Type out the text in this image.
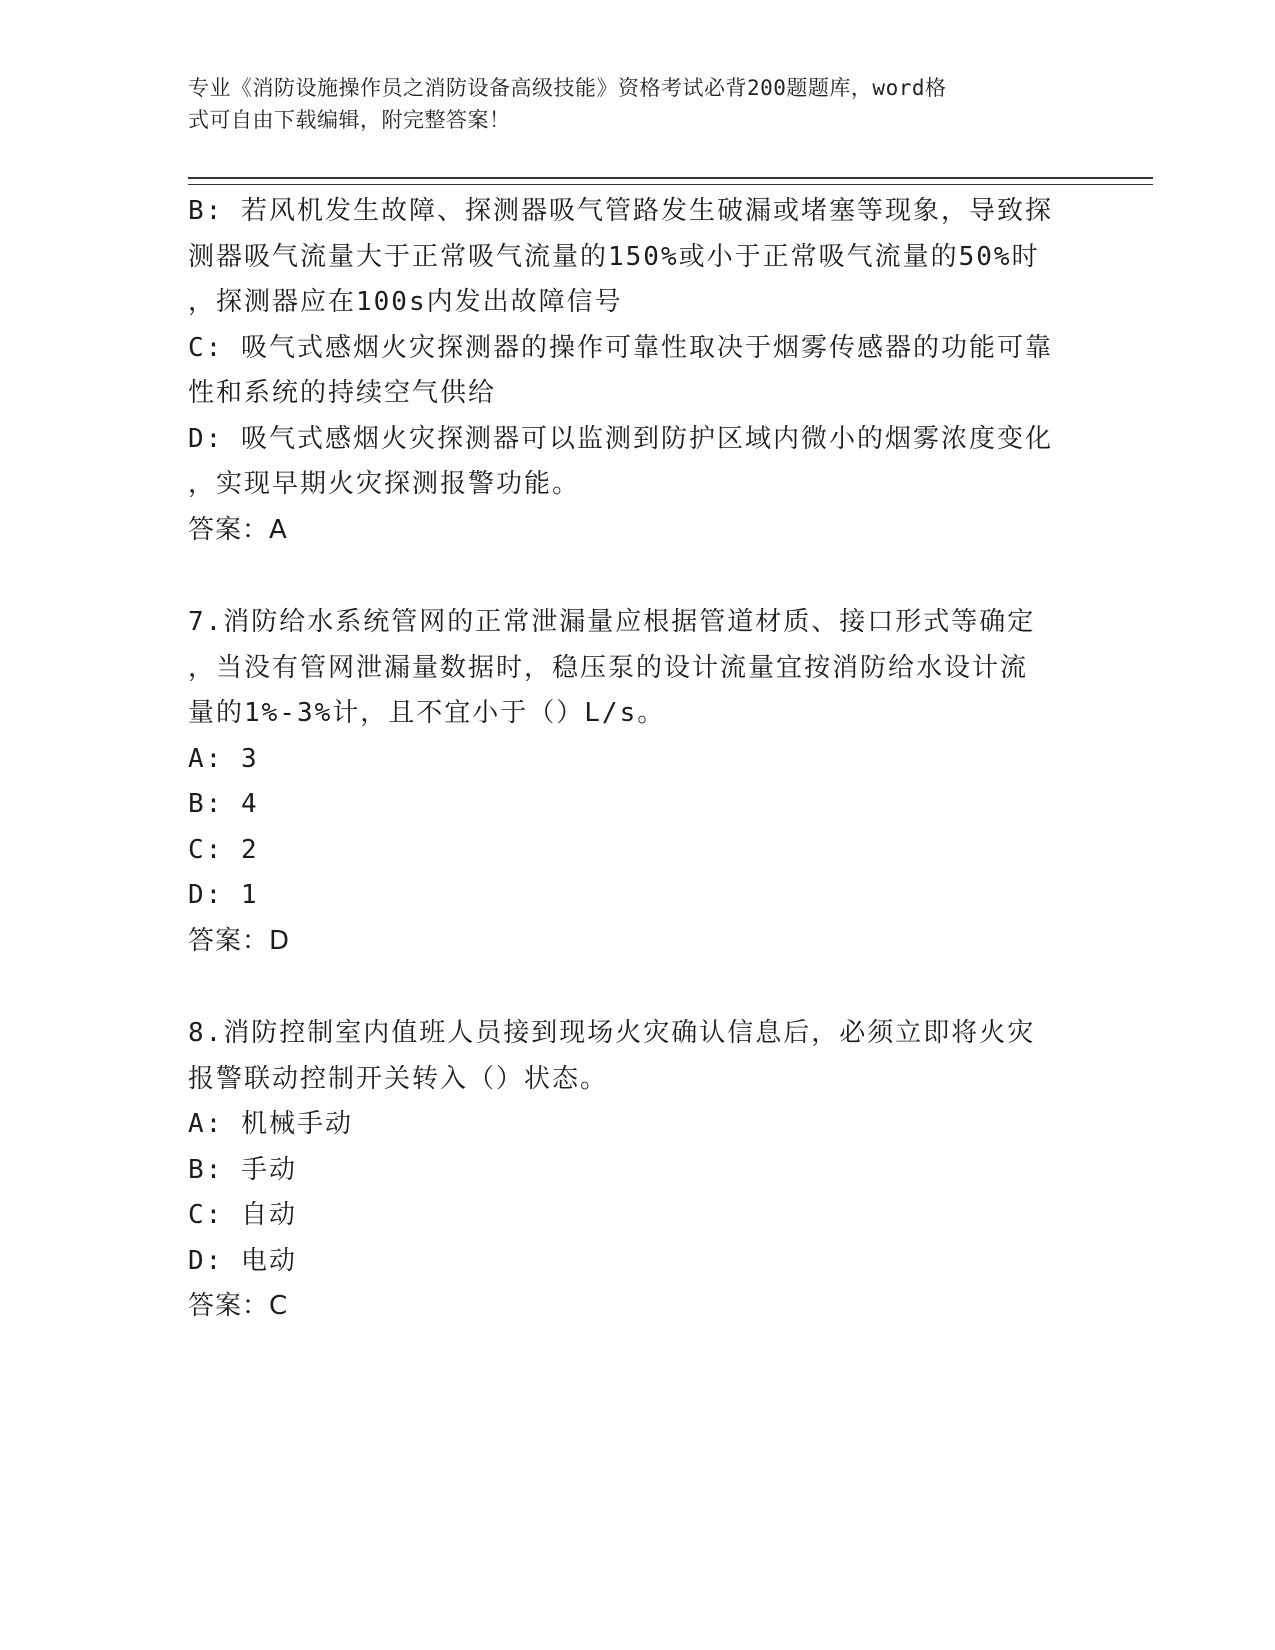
专业《消防设施操作员之消防设备高级技能》资格考试必背200题题库，word格
式可自由下载编辑，附完整答案！
B: 若风机发生故障、探测器吸气管路发生破漏或堵塞等现象，导致探
测器吸气流量大于正常吸气流量的150%或小于正常吸气流量的50%时
，探测器应在100s内发出故障信号
C: 吸气式感烟火灾探测器的操作可靠性取决于烟雾传感器的功能可靠
性和系统的持续空气供给
D: 吸气式感烟火灾探测器可以监测到防护区域内微小的烟雾浓度变化
，实现早期火灾探测报警功能。
答案：A
7.消防给水系统管网的正常泄漏量应根据管道材质、接口形式等确定
，当没有管网泄漏量数据时，稳压泵的设计流量宜按消防给水设计流
量的1%-3%计，且不宜小于（）L/s。
A: 3
B: 4
C: 2
D: 1
答案：D
8.消防控制室内值班人员接到现场火灾确认信息后，必须立即将火灾
报警联动控制开关转入（）状态。
A: 机械手动
B: 手动
C: 自动
D: 电动
答案：C
